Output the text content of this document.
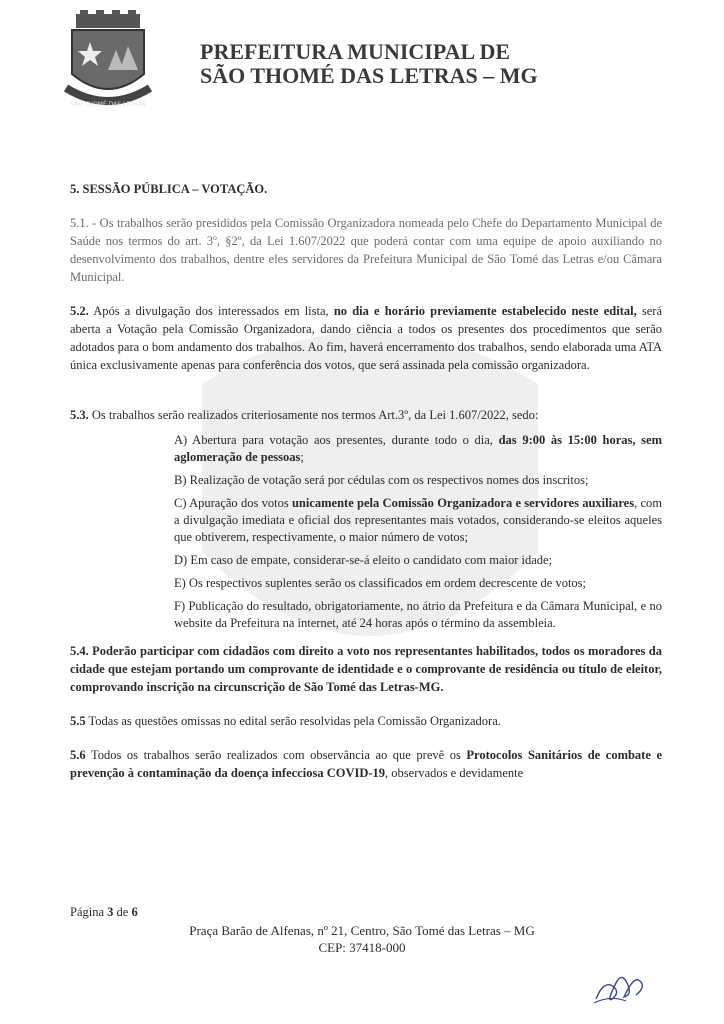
SÃO THOMÉ DAS LETRAS
PREFEITURA MUNICIPAL DE
SÃO THOMÉ DAS LETRAS – MG
5. SESSÃO PÚBLICA – VOTAÇÃO.

5.1. - Os trabalhos serão presididos pela Comissão Organizadora nomeada pelo Chefe do Departamento Municipal de Saúde nos termos do art. 3º, §2º, da Lei 1.607/2022 que poderá contar com uma equipe de apoio auxiliando no desenvolvimento dos trabalhos, dentre eles servidores da Prefeitura Municipal de São Tomé das Letras e/ou Câmara Municipal.

5.2. Após a divulgação dos interessados em lista, no dia e horário previamente estabelecido neste edital, será aberta a Votação pela Comissão Organizadora, dando ciência a todos os presentes dos procedimentos que serão adotados para o bom andamento dos trabalhos. Ao fim, haverá encerramento dos trabalhos, sendo elaborada uma ATA única exclusivamente apenas para conferência dos votos, que será assinada pela comissão organizadora.

5.3. Os trabalhos serão realizados criteriosamente nos termos Art.3º, da Lei 1.607/2022, sedo:

A) Abertura para votação aos presentes, durante todo o dia, das 9:00 às 15:00 horas, sem aglomeração de pessoas;
B) Realização de votação será por cédulas com os respectivos nomes dos inscritos;
C) Apuração dos votos unicamente pela Comissão Organizadora e servidores auxiliares, com a divulgação imediata e oficial dos representantes mais votados, considerando-se eleitos aqueles que obtiverem, respectivamente, o maior número de votos;
D) Em caso de empate, considerar-se-á eleito o candidato com maior idade;
E) Os respectivos suplentes serão os classificados em ordem decrescente de votos;
F) Publicação do resultado, obrigatoriamente, no átrio da Prefeitura e da Câmara Municipal, e no website da Prefeitura na internet, até 24 horas após o término da assembleia.

5.4. Poderão participar com cidadãos com direito a voto nos representantes habilitados, todos os moradores da cidade que estejam portando um comprovante de identidade e o comprovante de residência ou título de eleitor, comprovando inscrição na circunscrição de São Tomé das Letras-MG.

5.5 Todas as questões omissas no edital serão resolvidas pela Comissão Organizadora.

5.6 Todos os trabalhos serão realizados com observância ao que prevê os Protocolos Sanitários de combate e prevenção à contaminação da doença infecciosa COVID-19, observados e devidamente

Página 3 de 6
Praça Barão de Alfenas, nº 21, Centro, São Tomé das Letras – MG
CEP: 37418-000
